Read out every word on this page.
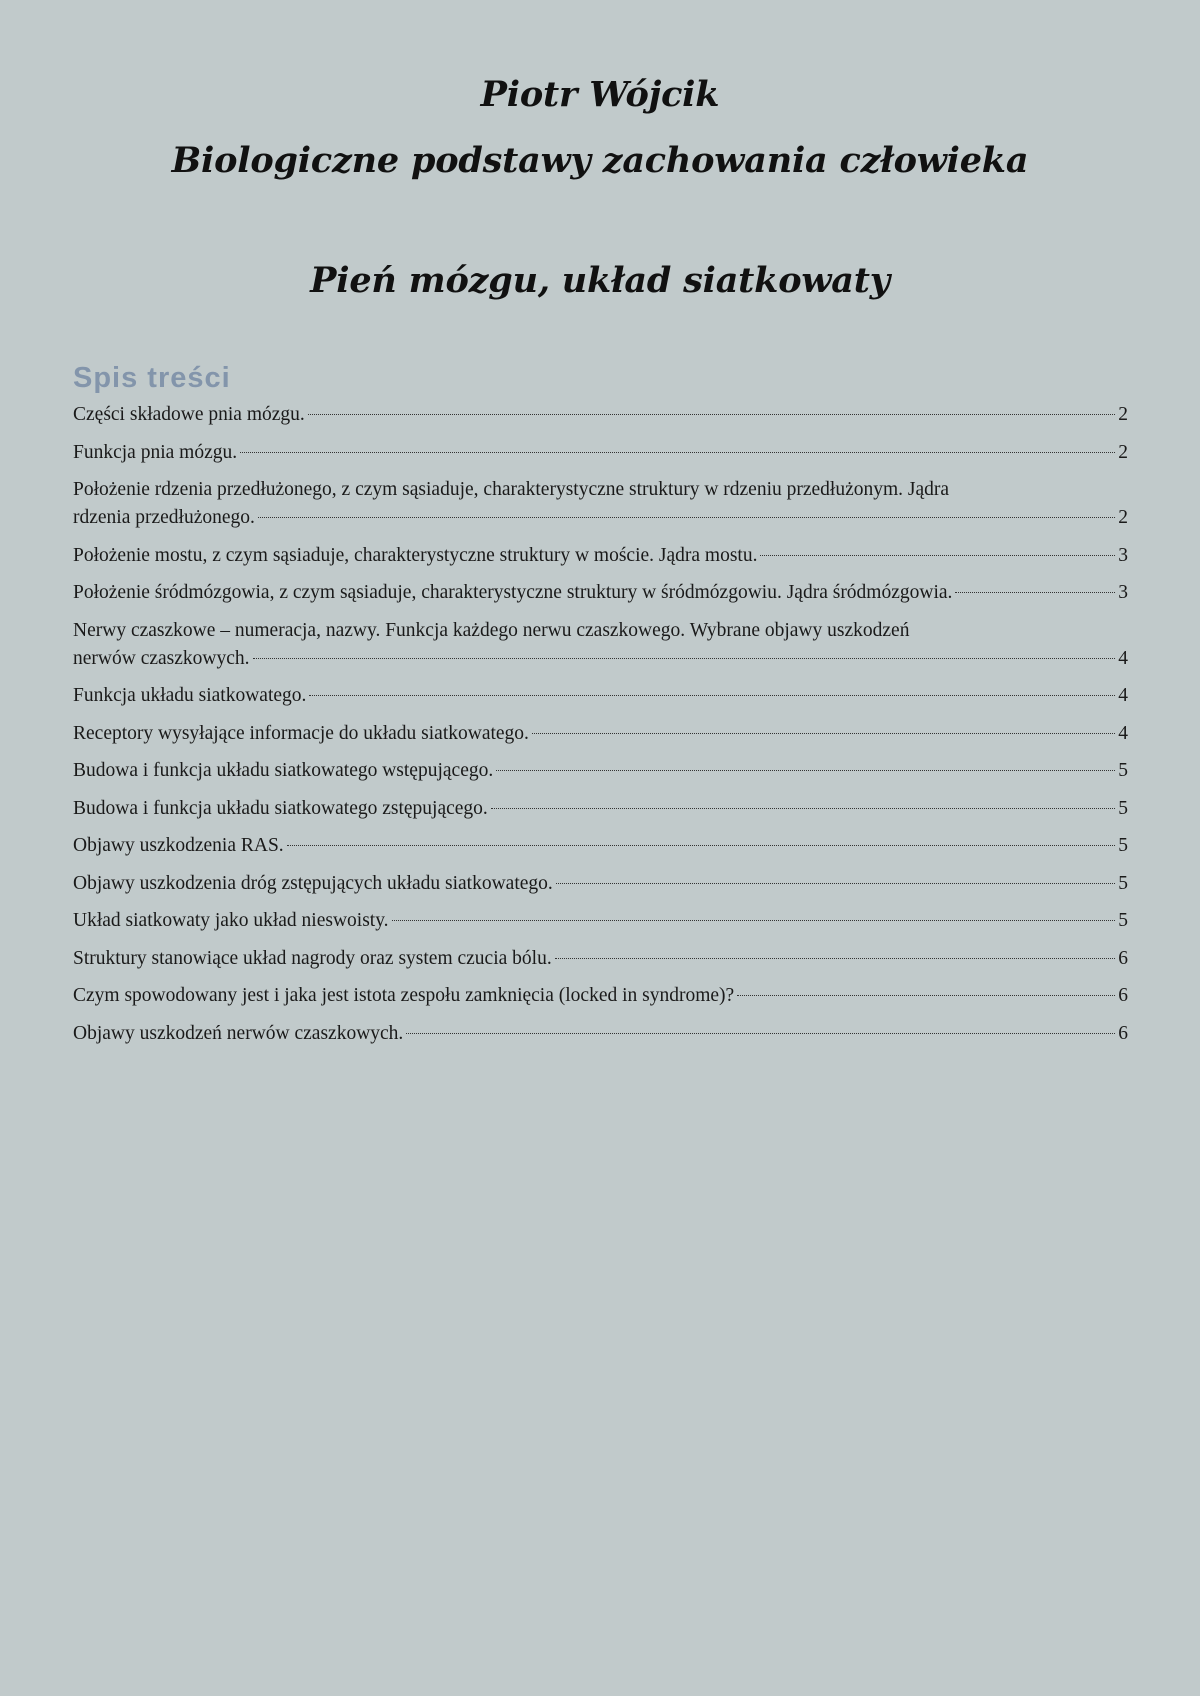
Piotr Wójcik

Biologiczne podstawy zachowania człowieka

Pień mózgu, układ siatkowaty

Spis treści

Części składowe pnia mózgu.	2
Funkcja pnia mózgu.	2
Położenie rdzenia przedłużonego, z czym sąsiaduje, charakterystyczne struktury w rdzeniu przedłużonym. Jądra
rdzenia przedłużonego.	2
Położenie mostu, z czym sąsiaduje, charakterystyczne struktury w moście. Jądra mostu.	3
Położenie śródmózgowia, z czym sąsiaduje, charakterystyczne struktury w śródmózgowiu. Jądra śródmózgowia.	3
Nerwy czaszkowe – numeracja, nazwy. Funkcja każdego nerwu czaszkowego. Wybrane objawy uszkodzeń
nerwów czaszkowych.	4
Funkcja układu siatkowatego.	4
Receptory wysyłające informacje do układu siatkowatego.	4
Budowa i funkcja układu siatkowatego wstępującego.	5
Budowa i funkcja układu siatkowatego zstępującego.	5
Objawy uszkodzenia RAS.	5
Objawy uszkodzenia dróg zstępujących układu siatkowatego.	5
Układ siatkowaty jako układ nieswoisty.	5
Struktury stanowiące układ nagrody oraz system czucia bólu.	6
Czym spowodowany jest i jaka jest istota zespołu zamknięcia (locked in syndrome)?	6
Objawy uszkodzeń nerwów czaszkowych.	6
